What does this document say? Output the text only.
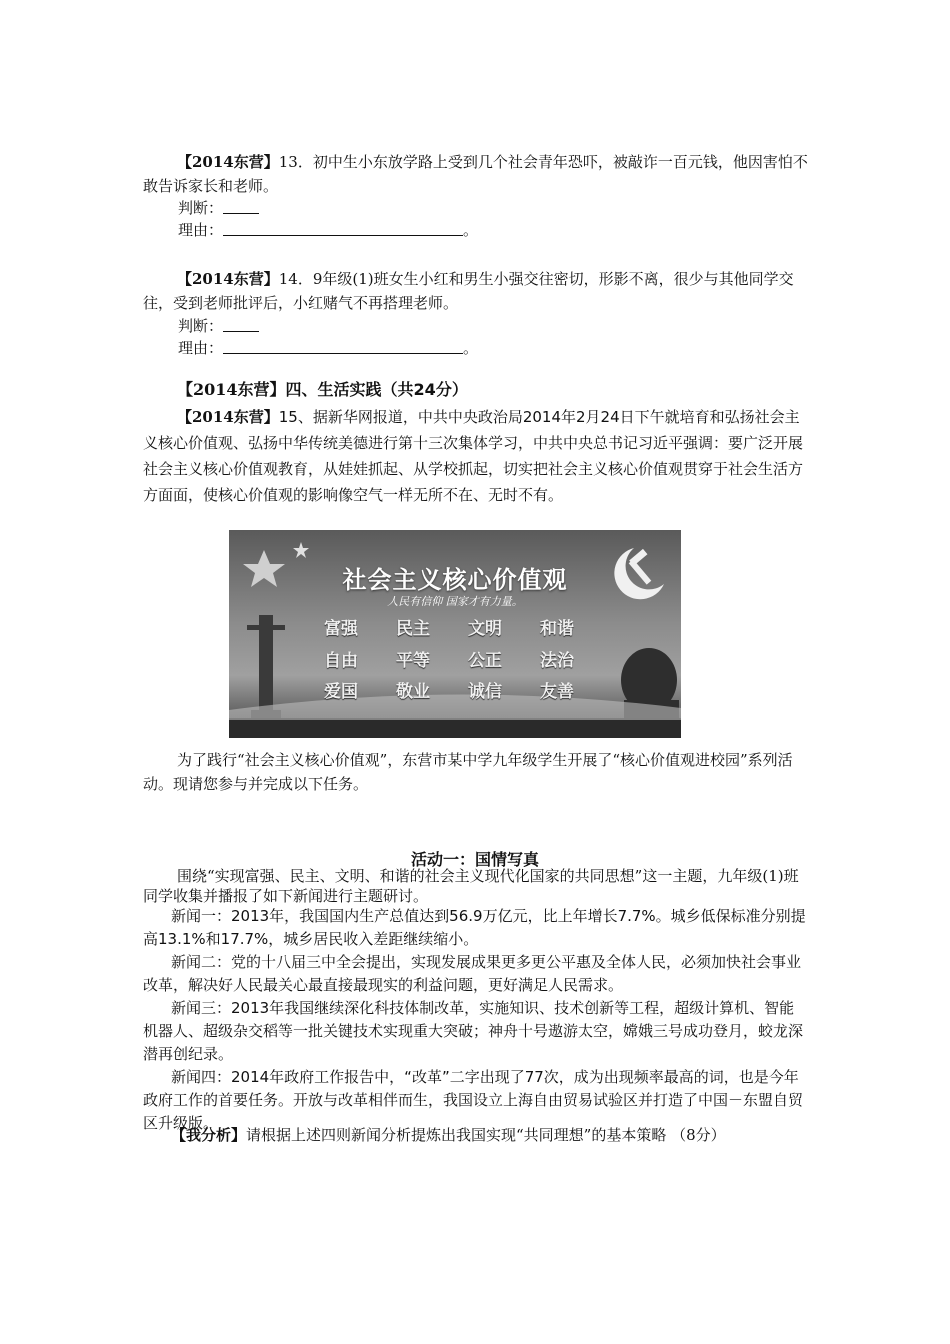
【2014东营】13．初中生小东放学路上受到几个社会青年恐吓，被敲诈一百元钱，他因害怕不敢告诉家长和老师。
判断：
理由：	。
【2014东营】14．9年级(1)班女生小红和男生小强交往密切，形影不离，很少与其他同学交往，受到老师批评后，小红赌气不再搭理老师。
判断：
理由：	。
【2014东营】四、生活实践（共24分）
【2014东营】15、据新华网报道，中共中央政治局2014年2月24日下午就培育和弘扬社会主义核心价值观、弘扬中华传统美德进行第十三次集体学习，中共中央总书记习近平强调：要广泛开展社会主义核心价值观教育，从娃娃抓起、从学校抓起，切实把社会主义核心价值观贯穿于社会生活方方面面，使核心价值观的影响像空气一样无所不在、无时不有。
社会主义核心价值观
人民有信仰 国家才有力量。
富强 民主 文明 和谐
自由 平等 公正 法治
爱国 敬业 诚信 友善
为了践行“社会主义核心价值观”，东营市某中学九年级学生开展了“核心价值观进校园”系列活动。现请您参与并完成以下任务。
活动一：国情写真
围绕“实现富强、民主、文明、和谐的社会主义现代化国家的共同思想”这一主题，九年级(1)班同学收集并播报了如下新闻进行主题研讨。
新闻一：2013年，我国国内生产总值达到56.9万亿元，比上年增长7.7%。城乡低保标准分别提高13.1%和17.7%，城乡居民收入差距继续缩小。
新闻二：党的十八届三中全会提出，实现发展成果更多更公平惠及全体人民，必须加快社会事业改革，解决好人民最关心最直接最现实的利益问题，更好满足人民需求。
新闻三：2013年我国继续深化科技体制改革，实施知识、技术创新等工程，超级计算机、智能机器人、超级杂交稻等一批关键技术实现重大突破；神舟十号遨游太空，嫦娥三号成功登月，蛟龙深潜再创纪录。
新闻四：2014年政府工作报告中，“改革”二字出现了77次，成为出现频率最高的词，也是今年政府工作的首要任务。开放与改革相伴而生，我国设立上海自由贸易试验区并打造了中国－东盟自贸区升级版。
【我分析】请根据上述四则新闻分析提炼出我国实现“共同理想”的基本策略 （8分）
